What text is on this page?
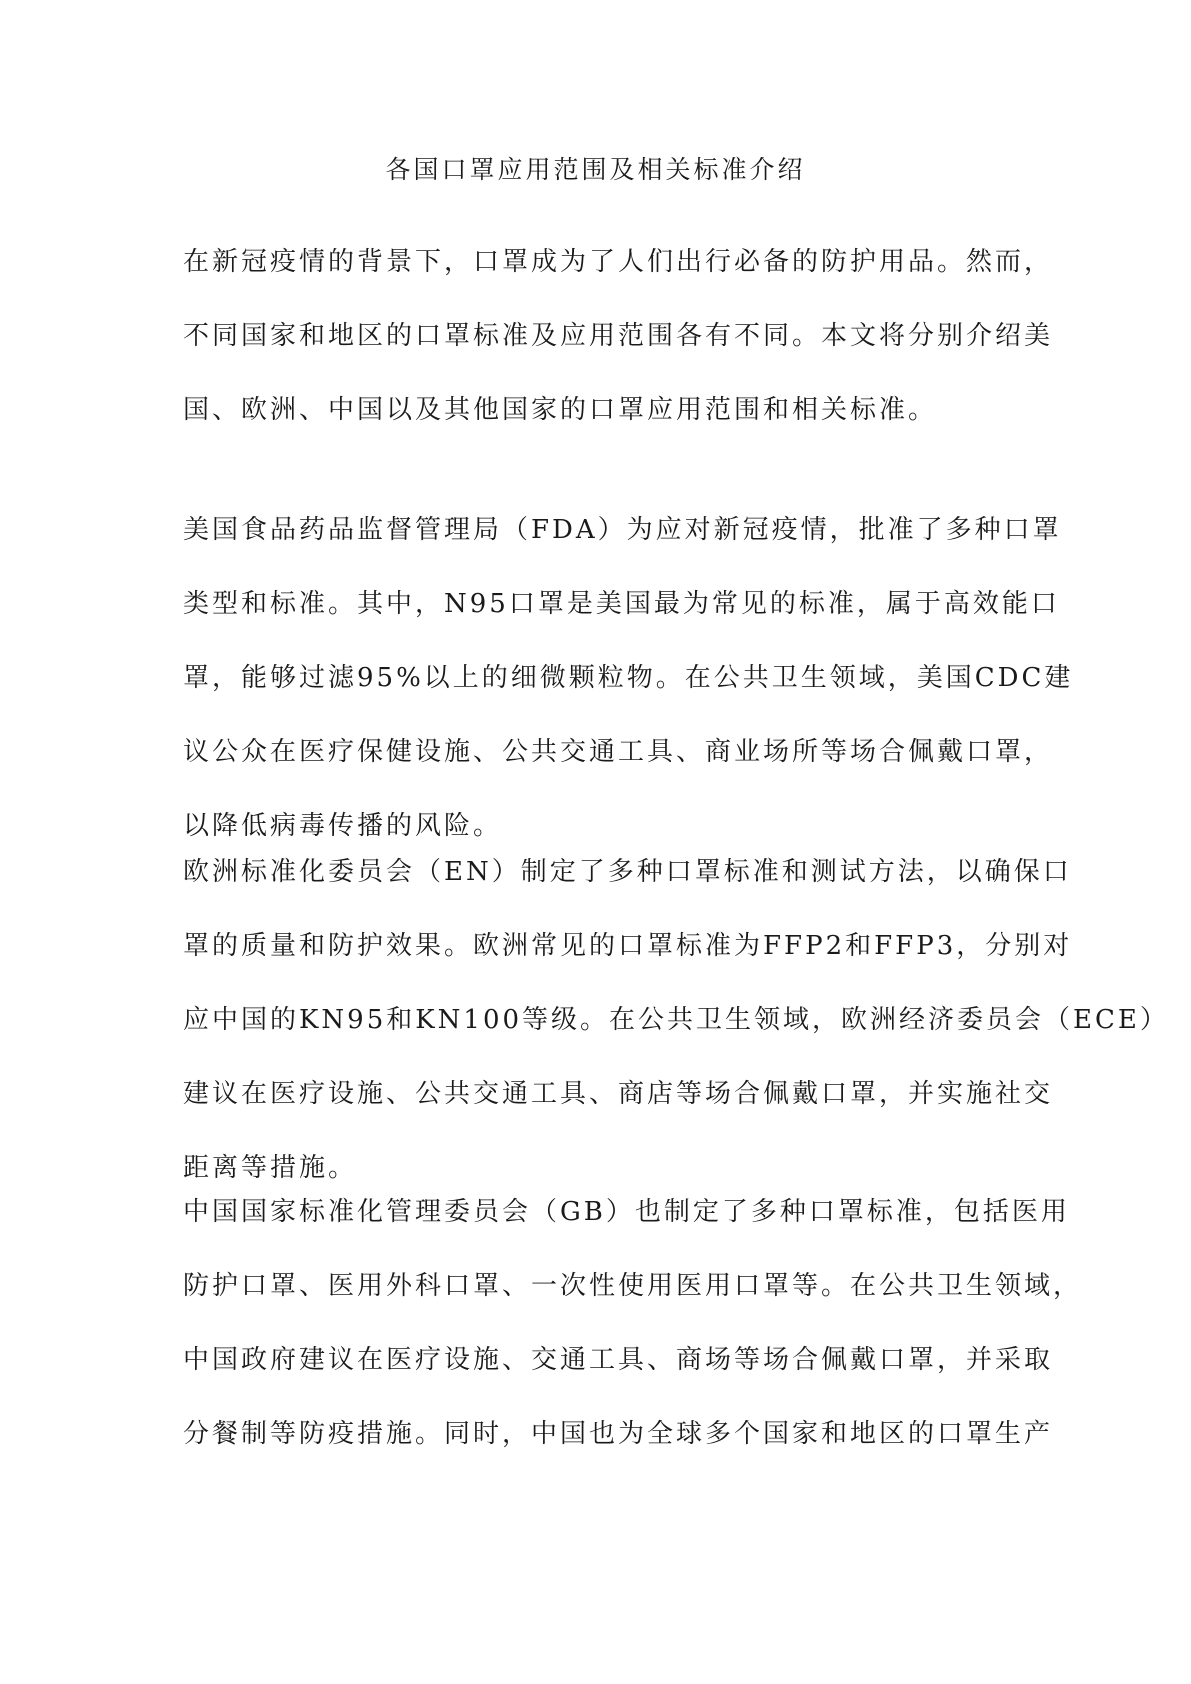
各国口罩应用范围及相关标准介绍

在新冠疫情的背景下，口罩成为了人们出行必备的防护用品。然而，
不同国家和地区的口罩标准及应用范围各有不同。本文将分别介绍美
国、欧洲、中国以及其他国家的口罩应用范围和相关标准。

美国食品药品监督管理局（FDA）为应对新冠疫情，批准了多种口罩
类型和标准。其中，N95口罩是美国最为常见的标准，属于高效能口
罩，能够过滤95%以上的细微颗粒物。在公共卫生领域，美国CDC建
议公众在医疗保健设施、公共交通工具、商业场所等场合佩戴口罩，
以降低病毒传播的风险。

欧洲标准化委员会（EN）制定了多种口罩标准和测试方法，以确保口
罩的质量和防护效果。欧洲常见的口罩标准为FFP2和FFP3，分别对
应中国的KN95和KN100等级。在公共卫生领域，欧洲经济委员会（ECE）
建议在医疗设施、公共交通工具、商店等场合佩戴口罩，并实施社交
距离等措施。

中国国家标准化管理委员会（GB）也制定了多种口罩标准，包括医用
防护口罩、医用外科口罩、一次性使用医用口罩等。在公共卫生领域，
中国政府建议在医疗设施、交通工具、商场等场合佩戴口罩，并采取
分餐制等防疫措施。同时，中国也为全球多个国家和地区的口罩生产
